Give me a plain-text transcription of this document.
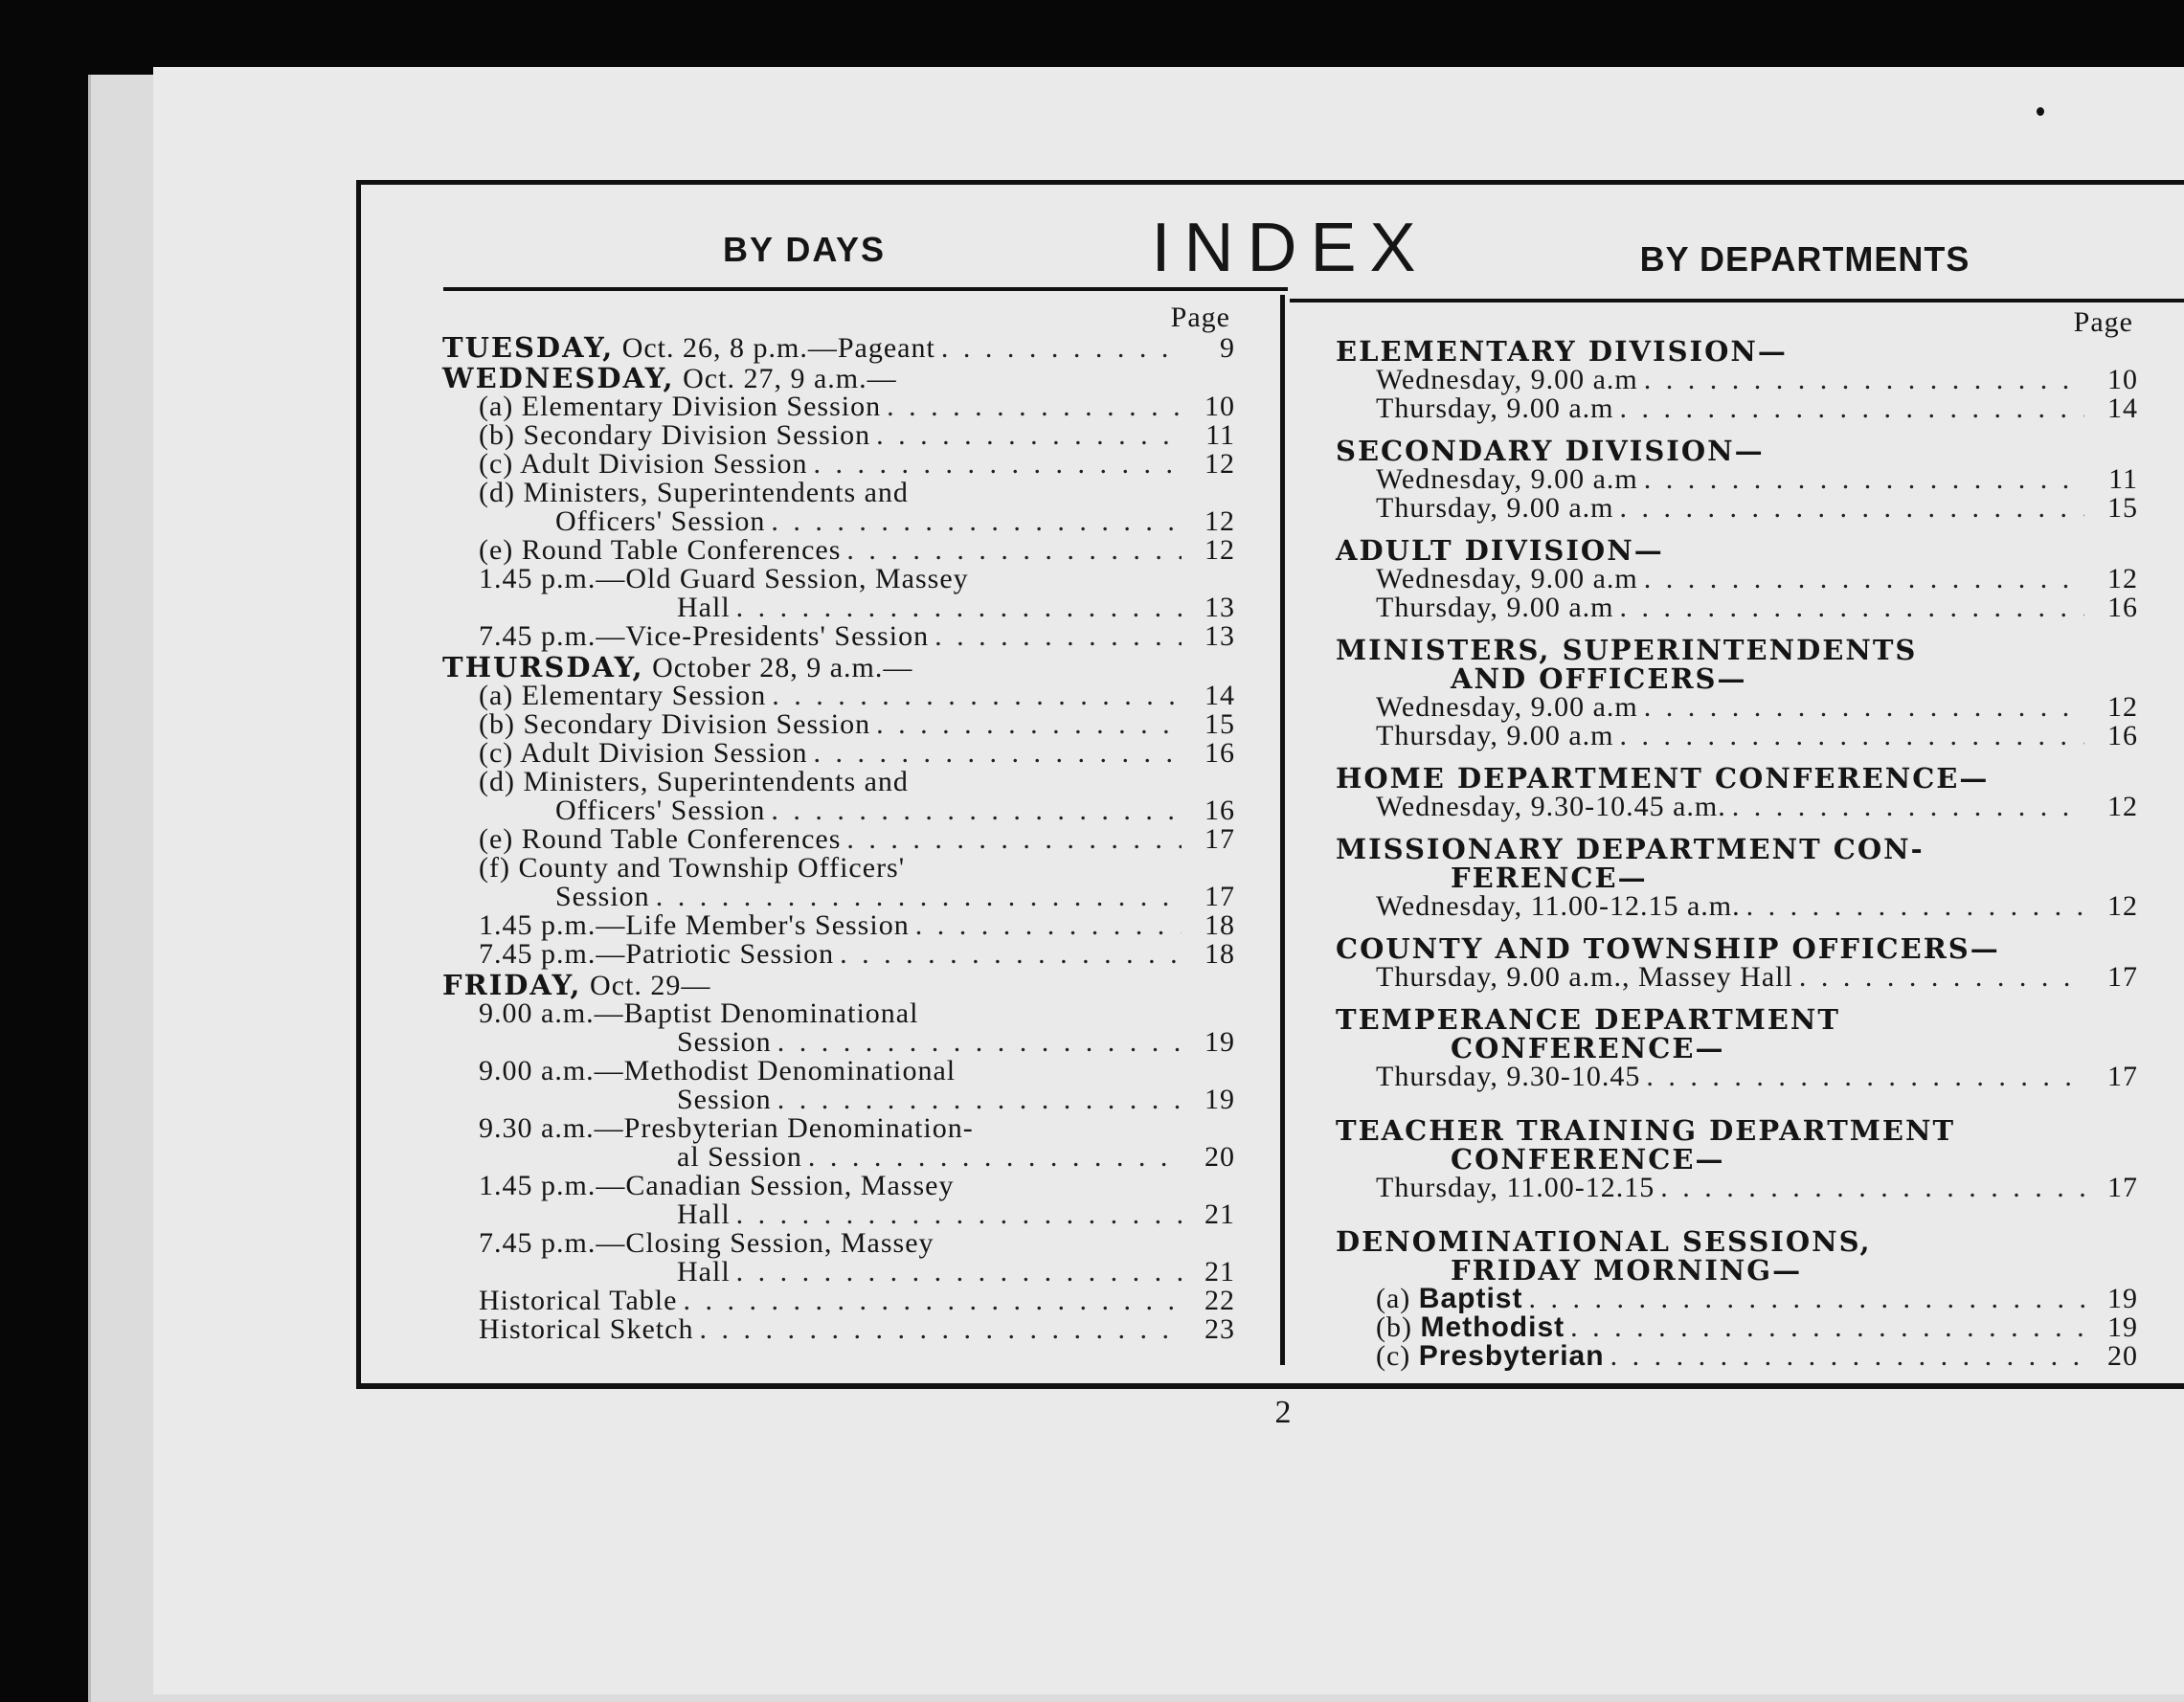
BY DAYS	INDEX	BY DEPARTMENTS
Page
TUESDAY, Oct. 26, 8 p.m.—Pageant . . .	9
WEDNESDAY, Oct. 27, 9 a.m.—
(a) Elementary Division Session . . .	10
(b) Secondary Division Session . . .	11
(c) Adult Division Session . . .	12
(d) Ministers, Superintendents and
Officers' Session . . .	12
(e) Round Table Conferences . . .	12
1.45 p.m.—Old Guard Session, Massey
Hall . . .	13
7.45 p.m.—Vice-Presidents' Session . . .	13
THURSDAY, October 28, 9 a.m.—
(a) Elementary Session . . .	14
(b) Secondary Division Session . . .	15
(c) Adult Division Session . . .	16
(d) Ministers, Superintendents and
Officers' Session . . .	16
(e) Round Table Conferences . . .	17
(f) County and Township Officers'
Session . . .	17
1.45 p.m.—Life Member's Session . . .	18
7.45 p.m.—Patriotic Session . . .	18
FRIDAY, Oct. 29—
9.00 a.m.—Baptist Denominational
Session . . .	19
9.00 a.m.—Methodist Denominational
Session . . .	19
9.30 a.m.—Presbyterian Denomination-
al Session . . .	20
1.45 p.m.—Canadian Session, Massey
Hall . . .	21
7.45 p.m.—Closing Session, Massey
Hall . . .	21
Historical Table . . .	22
Historical Sketch . . .	23
Page
ELEMENTARY DIVISION—
Wednesday, 9.00 a.m . . .	10
Thursday, 9.00 a.m . . .	14
SECONDARY DIVISION—
Wednesday, 9.00 a.m . . .	11
Thursday, 9.00 a.m . . .	15
ADULT DIVISION—
Wednesday, 9.00 a.m . . .	12
Thursday, 9.00 a.m . . .	16
MINISTERS, SUPERINTENDENTS
AND OFFICERS—
Wednesday, 9.00 a.m . . .	12
Thursday, 9.00 a.m . . .	16
HOME DEPARTMENT CONFERENCE—
Wednesday, 9.30-10.45 a.m. . . .	12
MISSIONARY DEPARTMENT CON-
FERENCE—
Wednesday, 11.00-12.15 a.m. . . .	12
COUNTY AND TOWNSHIP OFFICERS—
Thursday, 9.00 a.m., Massey Hall . . .	17
TEMPERANCE DEPARTMENT
CONFERENCE—
Thursday, 9.30-10.45 . . .	17
TEACHER TRAINING DEPARTMENT
CONFERENCE—
Thursday, 11.00-12.15 . . .	17
DENOMINATIONAL SESSIONS,
FRIDAY MORNING—
(a) Baptist . . .	19
(b) Methodist . . .	19
(c) Presbyterian . . .	20
2
